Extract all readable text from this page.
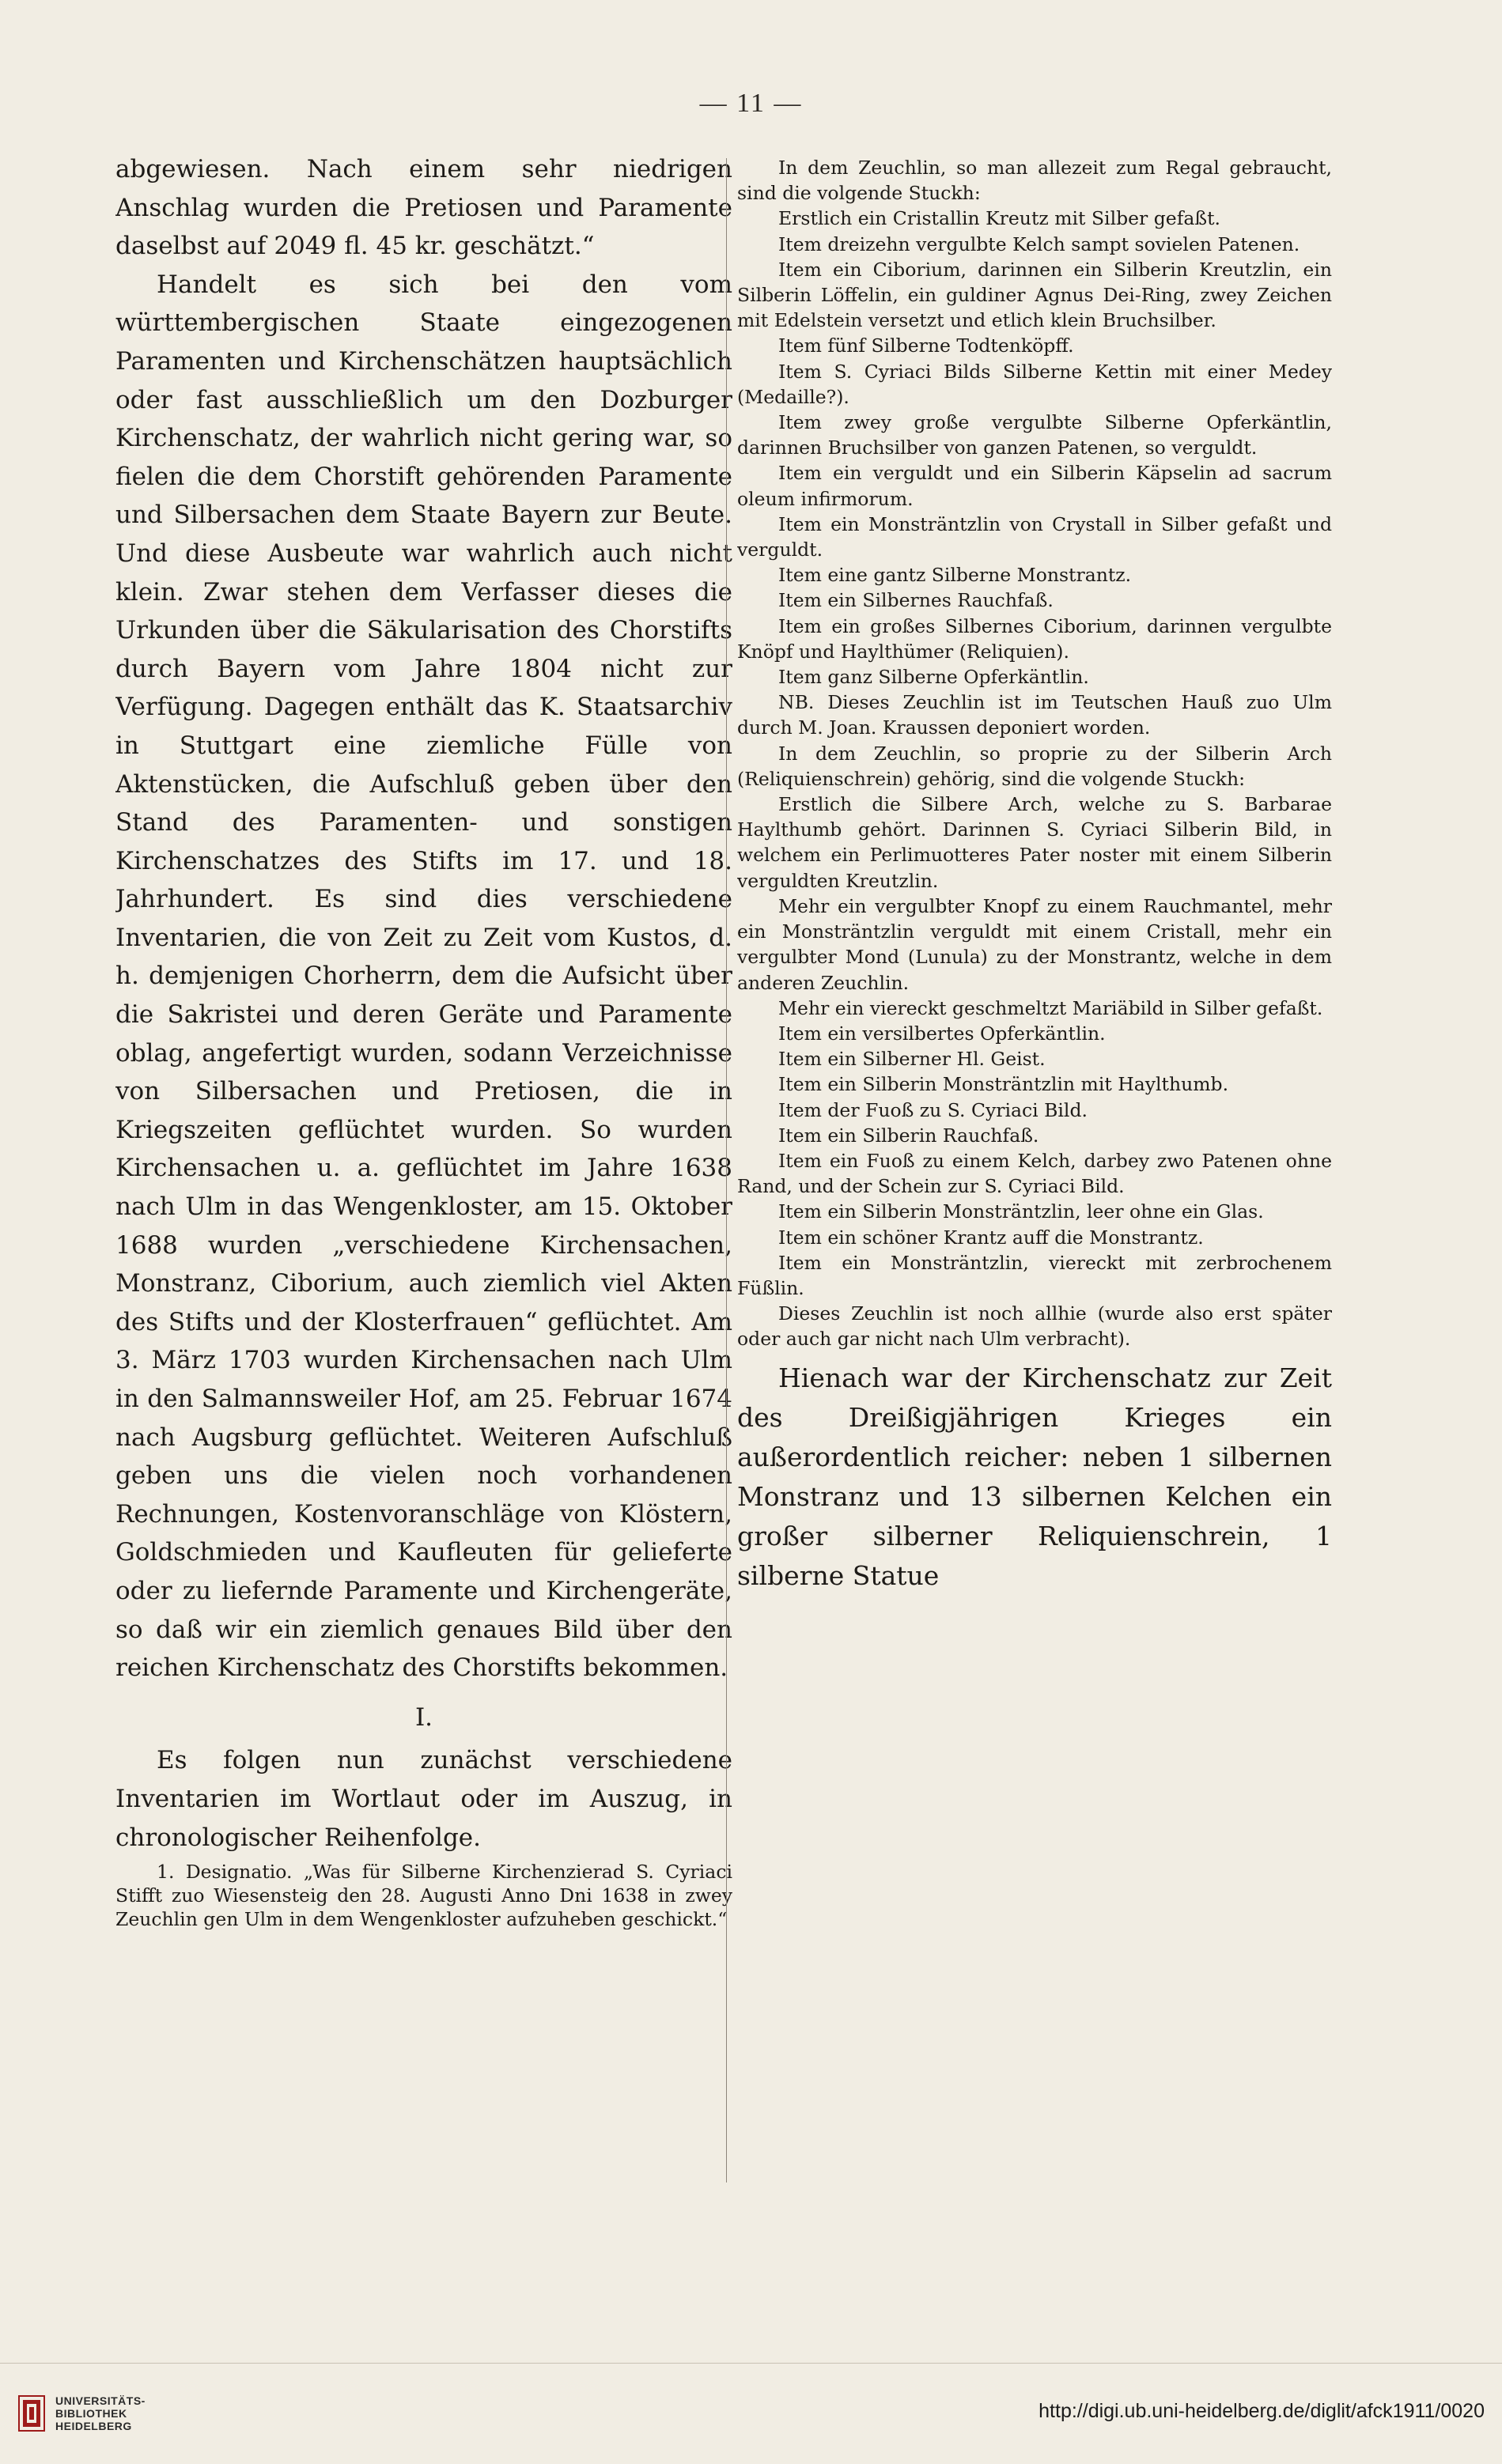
— 11 —

abgewiesen. Nach einem sehr niedrigen Anschlag wurden die Pretiosen und Paramente daselbst auf 2049 fl. 45 kr. geschätzt.“

Handelt es sich bei den vom württembergischen Staate eingezogenen Paramenten und Kirchenschätzen hauptsächlich oder fast ausschließlich um den Dozburger Kirchenschatz, der wahrlich nicht gering war, so fielen die dem Chorstift gehörenden Paramente und Silbersachen dem Staate Bayern zur Beute. Und diese Ausbeute war wahrlich auch nicht klein. Zwar stehen dem Verfasser dieses die Urkunden über die Säkularisation des Chorstifts durch Bayern vom Jahre 1804 nicht zur Verfügung. Dagegen enthält das K. Staatsarchiv in Stuttgart eine ziemliche Fülle von Aktenstücken, die Aufschluß geben über den Stand des Paramenten- und sonstigen Kirchenschatzes des Stifts im 17. und 18. Jahrhundert. Es sind dies verschiedene Inventarien, die von Zeit zu Zeit vom Kustos, d. h. demjenigen Chorherrn, dem die Aufsicht über die Sakristei und deren Geräte und Paramente oblag, angefertigt wurden, sodann Verzeichnisse von Silbersachen und Pretiosen, die in Kriegszeiten geflüchtet wurden. So wurden Kirchensachen u. a. geflüchtet im Jahre 1638 nach Ulm in das Wengenkloster, am 15. Oktober 1688 wurden „verschiedene Kirchensachen, Monstranz, Ciborium, auch ziemlich viel Akten des Stifts und der Klosterfrauen“ geflüchtet. Am 3. März 1703 wurden Kirchensachen nach Ulm in den Salmannsweiler Hof, am 25. Februar 1674 nach Augsburg geflüchtet. Weiteren Aufschluß geben uns die vielen noch vorhandenen Rechnungen, Kostenvoranschläge von Klöstern, Goldschmieden und Kaufleuten für gelieferte oder zu liefernde Paramente und Kirchengeräte, so daß wir ein ziemlich genaues Bild über den reichen Kirchenschatz des Chorstifts bekommen.

I.

Es folgen nun zunächst verschiedene Inventarien im Wortlaut oder im Auszug, in chronologischer Reihenfolge.

1. Designatio. „Was für Silberne Kirchenzierad S. Cyriaci Stifft zuo Wiesensteig den 28. Augusti Anno Dni 1638 in zwey Zeuchlin gen Ulm in dem Wengenkloster aufzuheben geschickt.“

In dem Zeuchlin, so man allezeit zum Regal gebraucht, sind die volgende Stuckh:

Erstlich ein Cristallin Kreutz mit Silber gefaßt.

Item dreizehn vergulbte Kelch sampt sovielen Patenen.

Item ein Ciborium, darinnen ein Silberin Kreutzlin, ein Silberin Löffelin, ein guldiner Agnus Dei-Ring, zwey Zeichen mit Edelstein versetzt und etlich klein Bruchsilber.

Item fünf Silberne Todtenköpff.

Item S. Cyriaci Bilds Silberne Kettin mit einer Medey (Medaille?).

Item zwey große vergulbte Silberne Opferkäntlin, darinnen Bruchsilber von ganzen Patenen, so verguldt.

Item ein verguldt und ein Silberin Käpselin ad sacrum oleum infirmorum.

Item ein Monsträntzlin von Crystall in Silber gefaßt und verguldt.

Item eine gantz Silberne Monstrantz.

Item ein Silbernes Rauchfaß.

Item ein großes Silbernes Ciborium, darinnen vergulbte Knöpf und Haylthümer (Reliquien).

Item ganz Silberne Opferkäntlin.

NB. Dieses Zeuchlin ist im Teutschen Hauß zuo Ulm durch M. Joan. Kraussen deponiert worden.

In dem Zeuchlin, so proprie zu der Silberin Arch (Reliquienschrein) gehörig, sind die volgende Stuckh:

Erstlich die Silbere Arch, welche zu S. Barbarae Haylthumb gehört. Darinnen S. Cyriaci Silberin Bild, in welchem ein Perlimuotteres Pater noster mit einem Silberin verguldten Kreutzlin.

Mehr ein vergulbter Knopf zu einem Rauchmantel, mehr ein Monsträntzlin verguldt mit einem Cristall, mehr ein vergulbter Mond (Lunula) zu der Monstrantz, welche in dem anderen Zeuchlin.

Mehr ein viereckt geschmeltzt Mariäbild in Silber gefaßt.

Item ein versilbertes Opferkäntlin.

Item ein Silberner Hl. Geist.

Item ein Silberin Monsträntzlin mit Haylthumb.

Item der Fuoß zu S. Cyriaci Bild.

Item ein Silberin Rauchfaß.

Item ein Fuoß zu einem Kelch, darbey zwo Patenen ohne Rand, und der Schein zur S. Cyriaci Bild.

Item ein Silberin Monsträntzlin, leer ohne ein Glas.

Item ein schöner Krantz auff die Monstrantz.

Item ein Monsträntzlin, viereckt mit zerbrochenem Füßlin.

Dieses Zeuchlin ist noch allhie (wurde also erst später oder auch gar nicht nach Ulm verbracht).

Hienach war der Kirchenschatz zur Zeit des Dreißigjährigen Krieges ein außerordentlich reicher: neben 1 silbernen Monstranz und 13 silbernen Kelchen ein großer silberner Reliquienschrein, 1 silberne Statue

UNIVERSITÄTS-
BIBLIOTHEK
HEIDELBERG
http://digi.ub.uni-heidelberg.de/diglit/afck1911/0020
